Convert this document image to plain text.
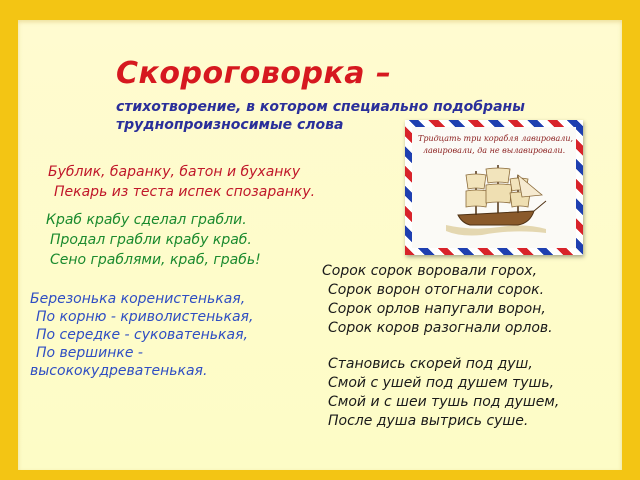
Скороговорка –
стихотворение, в котором специально подобраны
труднопроизносимые слова
Бублик, баранку, батон и буханку
Пекарь из теста испек спозаранку.
Краб крабу сделал грабли.
Продал грабли крабу краб.
Сено граблями, краб, грабь!
Березонька коренистенькая,
По корню - криволистенькая,
По середке - суковатенькая,
По вершинке -
высококудреватенькая.
Тридцать три корабля лавировали,
лавировали, да не вылавировали.
Сорок сорок воровали горох,
Сорок ворон отогнали сорок.
Сорок орлов напугали ворон,
Сорок коров разогнали орлов.
Становись скорей под душ,
Смой с ушей под душем тушь,
Смой и с шеи тушь под душем,
После душа вытрись суше.
